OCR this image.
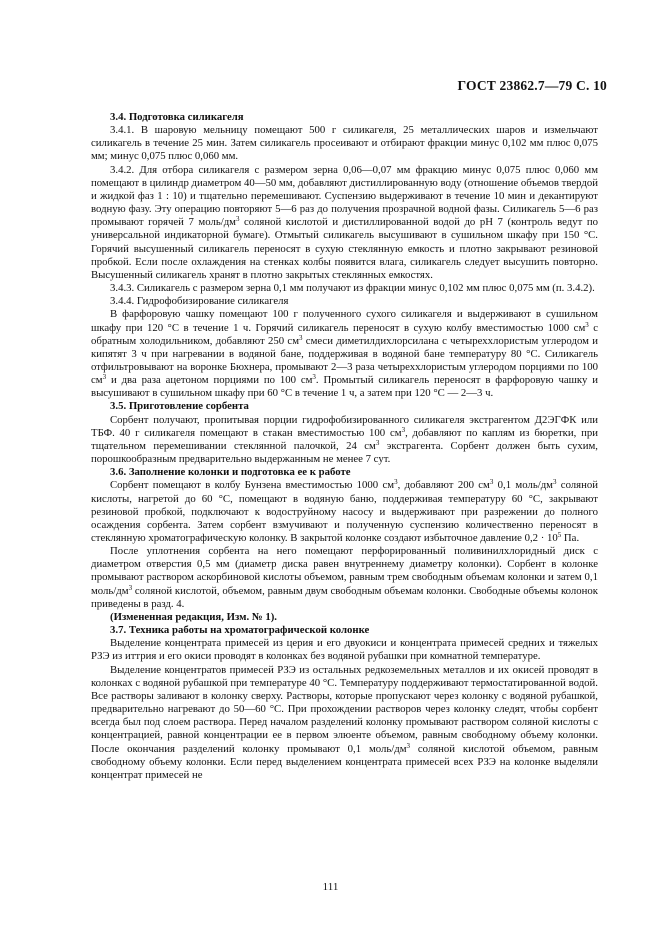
ГОСТ 23862.7—79 С. 10

3.4. Подготовка силикагеля

3.4.1. В шаровую мельницу помещают 500 г силикагеля, 25 металлических шаров и измельчают силикагель в течение 25 мин. Затем силикагель просеивают и отбирают фракции минус 0,102 мм плюс 0,075 мм; минус 0,075 плюс 0,060 мм.

3.4.2. Для отбора силикагеля с размером зерна 0,06—0,07 мм фракцию минус 0,075 плюс 0,060 мм помещают в цилиндр диаметром 40—50 мм, добавляют дистиллированную воду (отношение объемов твердой и жидкой фаз 1 : 10) и тщательно перемешивают. Суспензию выдерживают в течение 10 мин и декантируют водную фазу. Эту операцию повторяют 5—6 раз до получения прозрачной водной фазы. Силикагель 5—6 раз промывают горячей 7 моль/$дм^3$ соляной кислотой и дистиллированной водой до pH 7 (контроль ведут по универсальной индикаторной бумаге). Отмытый силикагель высушивают в сушильном шкафу при 150 °С. Горячий высушенный силикагель переносят в сухую стеклянную емкость и плотно закрывают резиновой пробкой. Если после охлаждения на стенках колбы появится влага, силикагель следует высушить повторно. Высушенный силикагель хранят в плотно закрытых стеклянных емкостях.

3.4.3. Силикагель с размером зерна 0,1 мм получают из фракции минус 0,102 мм плюс 0,075 мм (п. 3.4.2).

3.4.4. Гидрофобизирование силикагеля

В фарфоровую чашку помещают 100 г полученного сухого силикагеля и выдерживают в сушильном шкафу при 120 °С в течение 1 ч. Горячий силикагель переносят в сухую колбу вместимостью 1000 $см^3$ с обратным холодильником, добавляют 250 $см^3$ смеси диметилдихлорсилана с четыреххлористым углеродом и кипятят 3 ч при нагревании в водяной бане, поддерживая в водяной бане температуру 80 °С. Силикагель отфильтровывают на воронке Бюхнера, промывают 2—3 раза четыреххлористым углеродом порциями по 100 $см^3$ и два раза ацетоном порциями по 100 $см^3$. Промытый силикагель переносят в фарфоровую чашку и высушивают в сушильном шкафу при 60 °С в течение 1 ч, а затем при 120 °С — 2—3 ч.

3.5. Приготовление сорбента

Сорбент получают, пропитывая порции гидрофобизированного силикагеля экстрагентом Д2ЭГФК или ТБФ. 40 г силикагеля помещают в стакан вместимостью 100 $см^3$, добавляют по каплям из бюретки, при тщательном перемешивании стеклянной палочкой, 24 $см^3$ экстрагента. Сорбент должен быть сухим, порошкообразным предварительно выдержанным не менее 7 сут.

3.6. Заполнение колонки и подготовка ее к работе

Сорбент помещают в колбу Бунзена вместимостью 1000 $см^3$, добавляют 200 $см^3$ 0,1 моль/$дм^3$ соляной кислоты, нагретой до 60 °С, помещают в водяную баню, поддерживая температуру 60 °С, закрывают резиновой пробкой, подключают к водоструйному насосу и выдерживают при разрежении до полного осаждения сорбента. Затем сорбент взмучивают и полученную суспензию количественно переносят в стеклянную хроматографическую колонку. В закрытой колонке создают избыточное давление $0,2 \cdot 10^5$ Па.

После уплотнения сорбента на него помещают перфорированный поливинилхлоридный диск с диаметром отверстия 0,5 мм (диаметр диска равен внутреннему диаметру колонки). Сорбент в колонке промывают раствором аскорбиновой кислоты объемом, равным трем свободным объемам колонки и затем 0,1 моль/$дм^3$ соляной кислотой, объемом, равным двум свободным объемам колонки. Свободные объемы колонок приведены в разд. 4.

(Измененная редакция, Изм. № 1).

3.7. Техника работы на хроматографической колонке

Выделение концентрата примесей из церия и его двуокиси и концентрата примесей средних и тяжелых РЗЭ из иттрия и его окиси проводят в колонках без водяной рубашки при комнатной температуре.

Выделение концентратов примесей РЗЭ из остальных редкоземельных металлов и их окисей проводят в колонках с водяной рубашкой при температуре 40 °С. Температуру поддерживают термостатированной водой. Все растворы заливают в колонку сверху. Растворы, которые пропускают через колонку с водяной рубашкой, предварительно нагревают до 50—60 °С. При прохождении растворов через колонку следят, чтобы сорбент всегда был под слоем раствора. Перед началом разделений колонку промывают раствором соляной кислоты с концентрацией, равной концентрации ее в первом элюенте объемом, равным свободному объему колонки. После окончания разделений колонку промывают 0,1 моль/$дм^3$ соляной кислотой объемом, равным свободному объему колонки. Если перед выделением концентрата примесей всех РЗЭ на колонке выделяли концентрат примесей не

111
